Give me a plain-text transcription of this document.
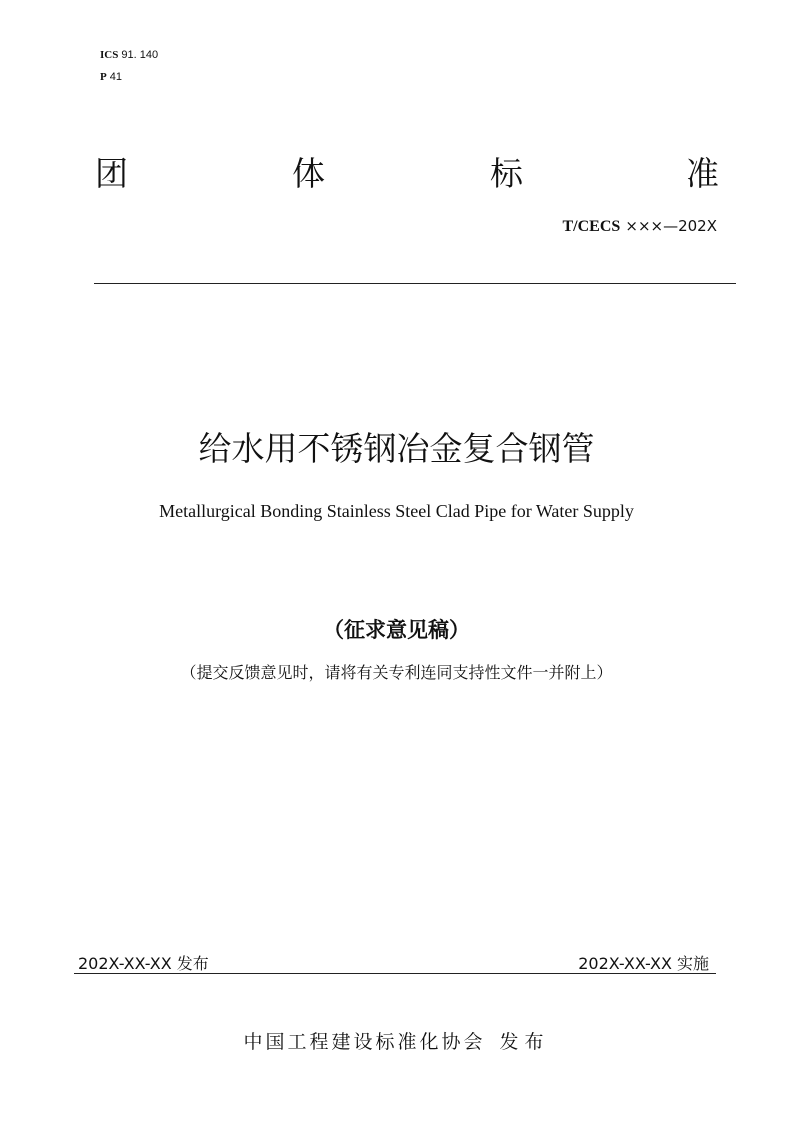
ICS 91. 140
P 41
团	体	标	准
T/CECS ×××—202X
给水用不锈钢冶金复合钢管
Metallurgical Bonding Stainless Steel Clad Pipe for Water Supply
（征求意见稿）
（提交反馈意见时，请将有关专利连同支持性文件一并附上）
202X-XX-XX 发布	202X-XX-XX 实施
中国工程建设标准化协会 发布
